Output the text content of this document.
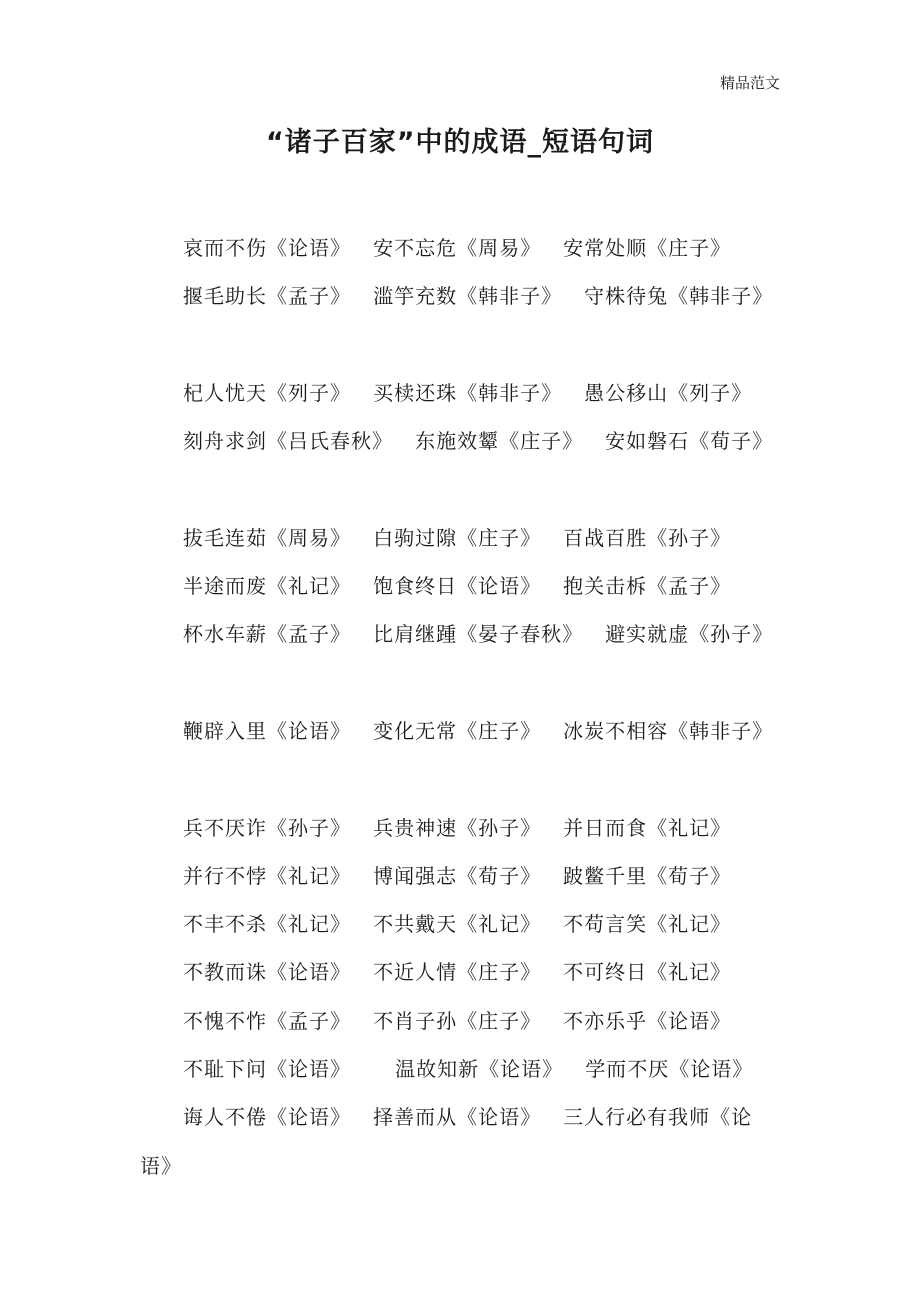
精品范文
“诸子百家”中的成语_短语句词
哀而不伤《论语》   安不忘危《周易》   安常处顺《庄子》
揠毛助长《孟子》   滥竽充数《韩非子》   守株待兔《韩非子》
杞人忧天《列子》   买椟还珠《韩非子》   愚公移山《列子》
刻舟求剑《吕氏春秋》   东施效颦《庄子》   安如磐石《荀子》
拔毛连茹《周易》   白驹过隙《庄子》   百战百胜《孙子》
半途而废《礼记》   饱食终日《论语》   抱关击柝《孟子》
杯水车薪《孟子》   比肩继踵《晏子春秋》   避实就虚《孙子》
鞭辟入里《论语》   变化无常《庄子》   冰炭不相容《韩非子》
兵不厌诈《孙子》   兵贵神速《孙子》   并日而食《礼记》
并行不悖《礼记》   博闻强志《荀子》   跛鳖千里《荀子》
不丰不杀《礼记》   不共戴天《礼记》   不苟言笑《礼记》
不教而诛《论语》   不近人情《庄子》   不可终日《礼记》
不愧不怍《孟子》   不肖子孙《庄子》   不亦乐乎《论语》
不耻下问《论语》      温故知新《论语》   学而不厌《论语》
诲人不倦《论语》   择善而从《论语》   三人行必有我师《论语》
